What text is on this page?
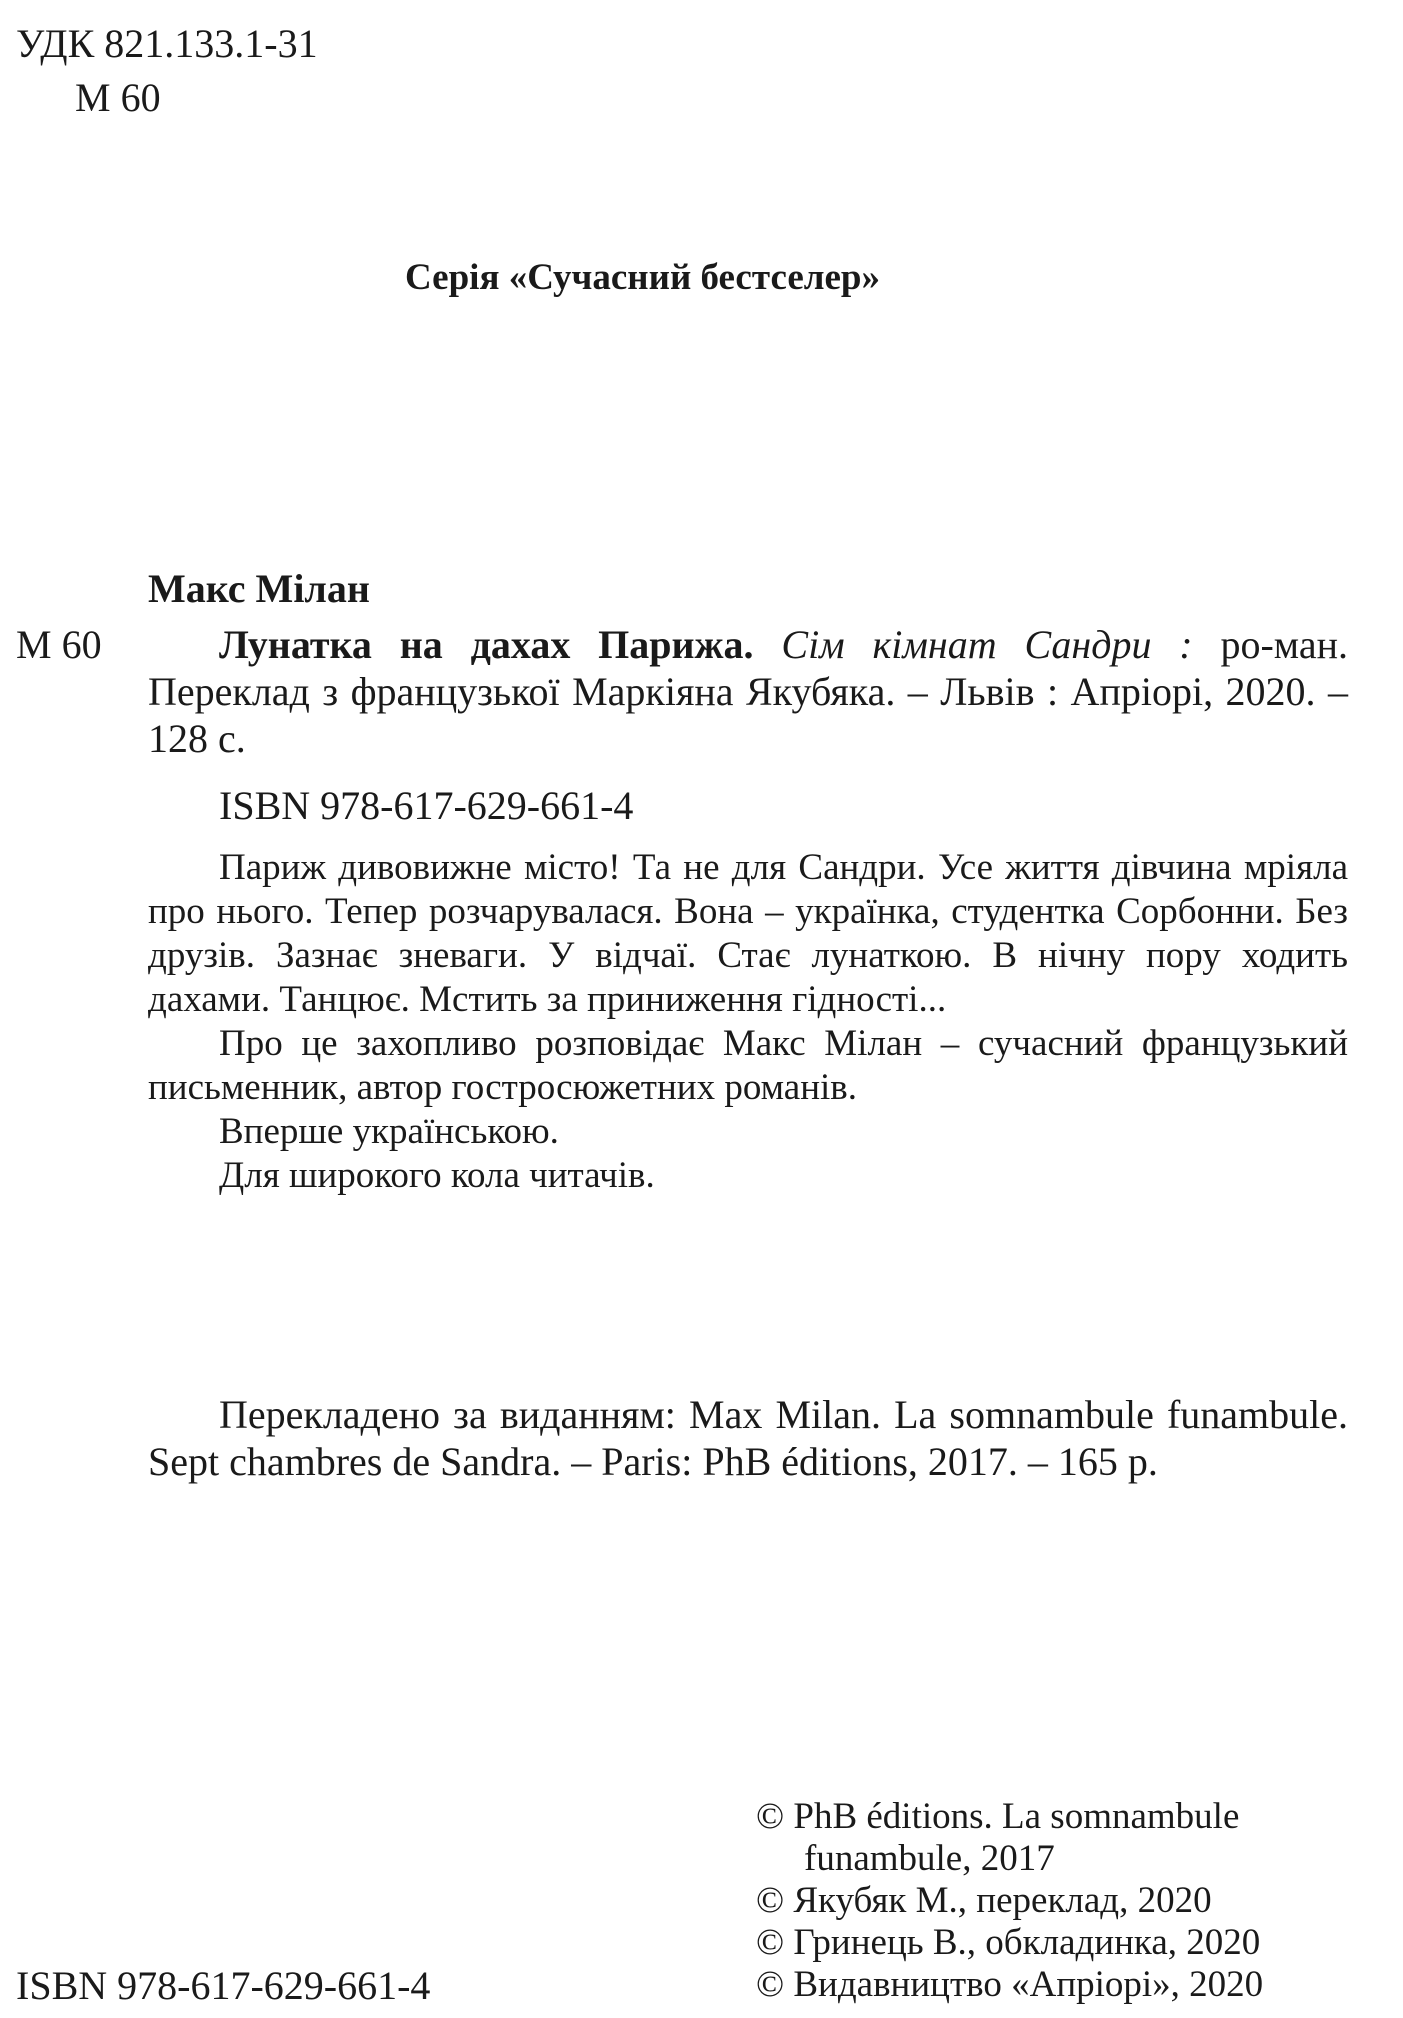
УДК 821.133.1-31

М 60

Серія «Сучасний бестселер»

Макс Мілан

М 60	Лунатка на дахах Парижа. Сім кімнат Сандри : ро-ман. Переклад з французької Маркіяна Якубяка. – Львів : Апріорі, 2020. – 128 с.

ISBN 978-617-629-661-4

Париж дивовижне місто! Та не для Сандри. Усе життя дівчина мріяла про нього. Тепер розчарувалася. Вона – українка, студентка Сорбонни. Без друзів. Зазнає зневаги. У відчаї. Стає лунаткою. В нічну пору ходить дахами. Танцює. Мстить за приниження гідності...

Про це захопливо розповідає Макс Мілан – сучасний французький письменник, автор гостросюжетних романів.

Вперше українською.

Для широкого кола читачів.

Перекладено за виданням: Max Milan. La somnambule funambule. Sept chambres de Sandra. – Paris: PhB éditions, 2017. – 165 p.

ISBN 978-617-629-661-4

© PhB éditions. La somnambule
funambule, 2017
© Якубяк М., переклад, 2020
© Гринець В., обкладинка, 2020
© Видавництво «Апріорі», 2020
